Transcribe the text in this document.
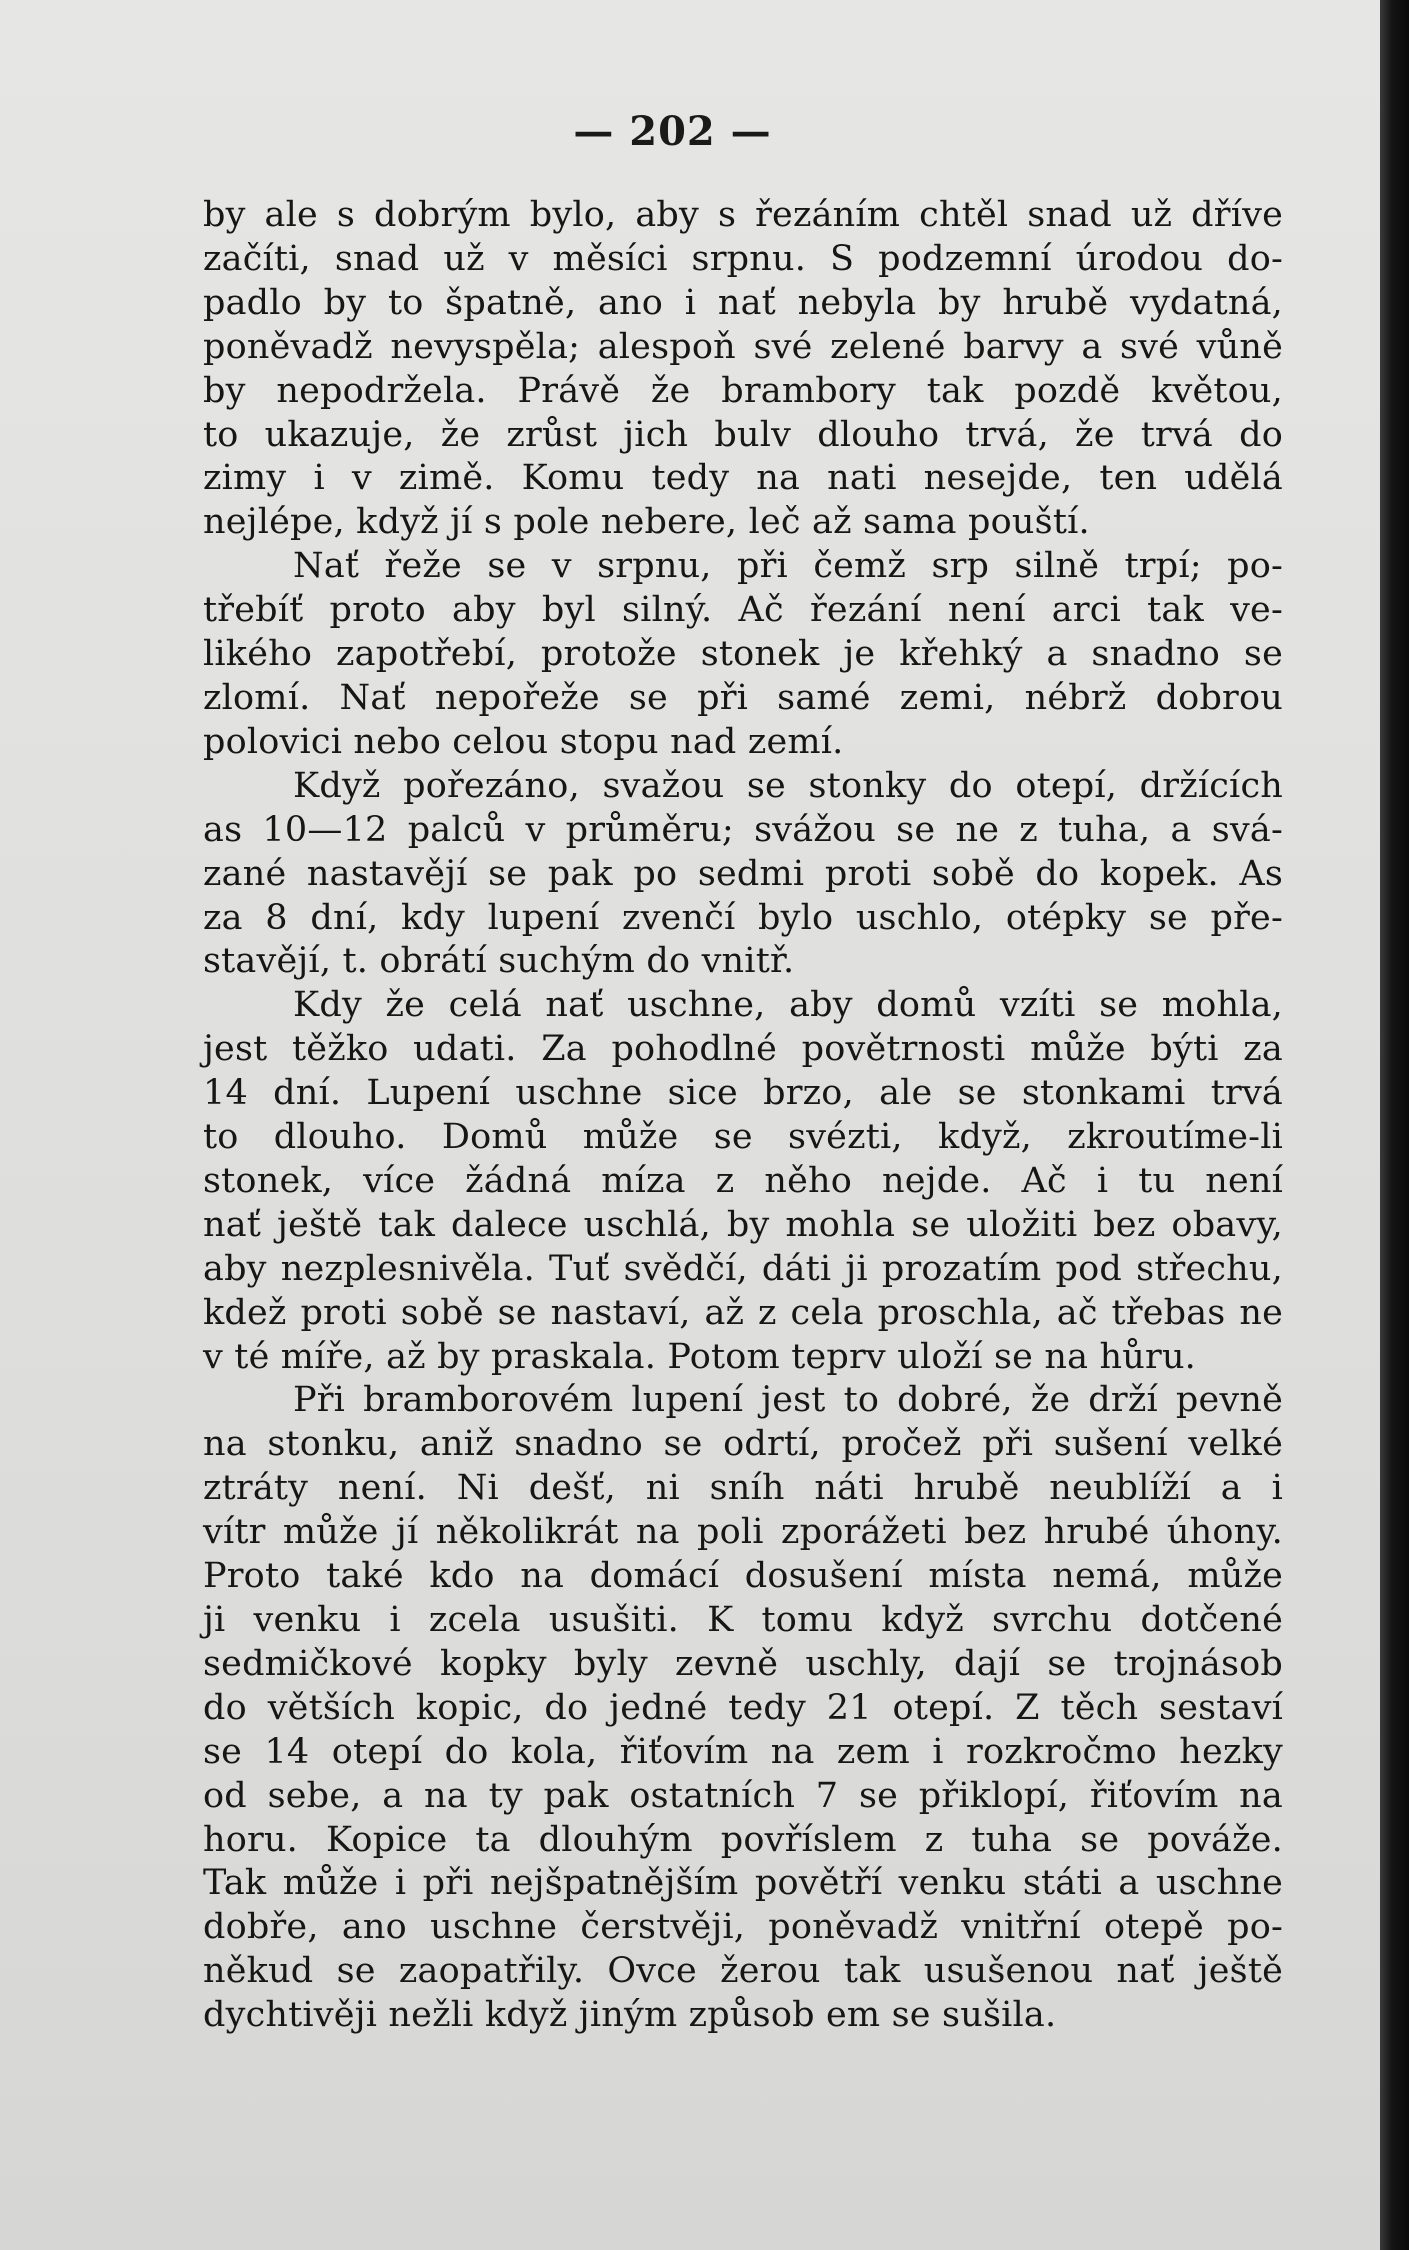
— 202 —
by ale s dobrým bylo, aby s řezáním chtěl snad už dříve
začíti, snad už v měsíci srpnu. S podzemní úrodou do-
padlo by to špatně, ano i nať nebyla by hrubě vydatná,
poněvadž nevyspěla; alespoň své zelené barvy a své vůně
by nepodržela. Právě že brambory tak pozdě květou,
to ukazuje, že zrůst jich bulv dlouho trvá, že trvá do
zimy i v zimě. Komu tedy na nati nesejde, ten udělá
nejlépe, když jí s pole nebere, leč až sama pouští.
Nať řeže se v srpnu, při čemž srp silně trpí; po-
třebíť proto aby byl silný. Ač řezání není arci tak ve-
likého zapotřebí, protože stonek je křehký a snadno se
zlomí. Nať nepořeže se při samé zemi, nébrž dobrou
polovici nebo celou stopu nad zemí.
Když pořezáno, svažou se stonky do otepí, držících
as 10—12 palců v průměru; svážou se ne z tuha, a svá-
zané nastavějí se pak po sedmi proti sobě do kopek. As
za 8 dní, kdy lupení zvenčí bylo uschlo, otépky se pře-
stavějí, t. obrátí suchým do vnitř.
Kdy že celá nať uschne, aby domů vzíti se mohla,
jest těžko udati. Za pohodlné povětrnosti může býti za
14 dní. Lupení uschne sice brzo, ale se stonkami trvá
to dlouho. Domů může se svézti, když, zkroutíme-li
stonek, více žádná míza z něho nejde. Ač i tu není
nať ještě tak dalece uschlá, by mohla se uložiti bez obavy,
aby nezplesnivěla. Tuť svědčí, dáti ji prozatím pod střechu,
kdež proti sobě se nastaví, až z cela proschla, ač třebas ne
v té míře, až by praskala. Potom teprv uloží se na hůru.
Při bramborovém lupení jest to dobré, že drží pevně
na stonku, aniž snadno se odrtí, pročež při sušení velké
ztráty není. Ni dešť, ni sníh náti hrubě neublíží a i
vítr může jí několikrát na poli zporážeti bez hrubé úhony.
Proto také kdo na domácí dosušení místa nemá, může
ji venku i zcela usušiti. K tomu když svrchu dotčené
sedmičkové kopky byly zevně uschly, dají se trojnásob
do větších kopic, do jedné tedy 21 otepí. Z těch sestaví
se 14 otepí do kola, řiťovím na zem i rozkročmo hezky
od sebe, a na ty pak ostatních 7 se přiklopí, řiťovím na
horu. Kopice ta dlouhým povříslem z tuha se pováže.
Tak může i při nejšpatnějším povětří venku státi a uschne
dobře, ano uschne čerstvěji, poněvadž vnitřní otepě po-
někud se zaopatřily. Ovce žerou tak usušenou nať ještě
dychtivěji nežli když jiným způsob em se sušila.
